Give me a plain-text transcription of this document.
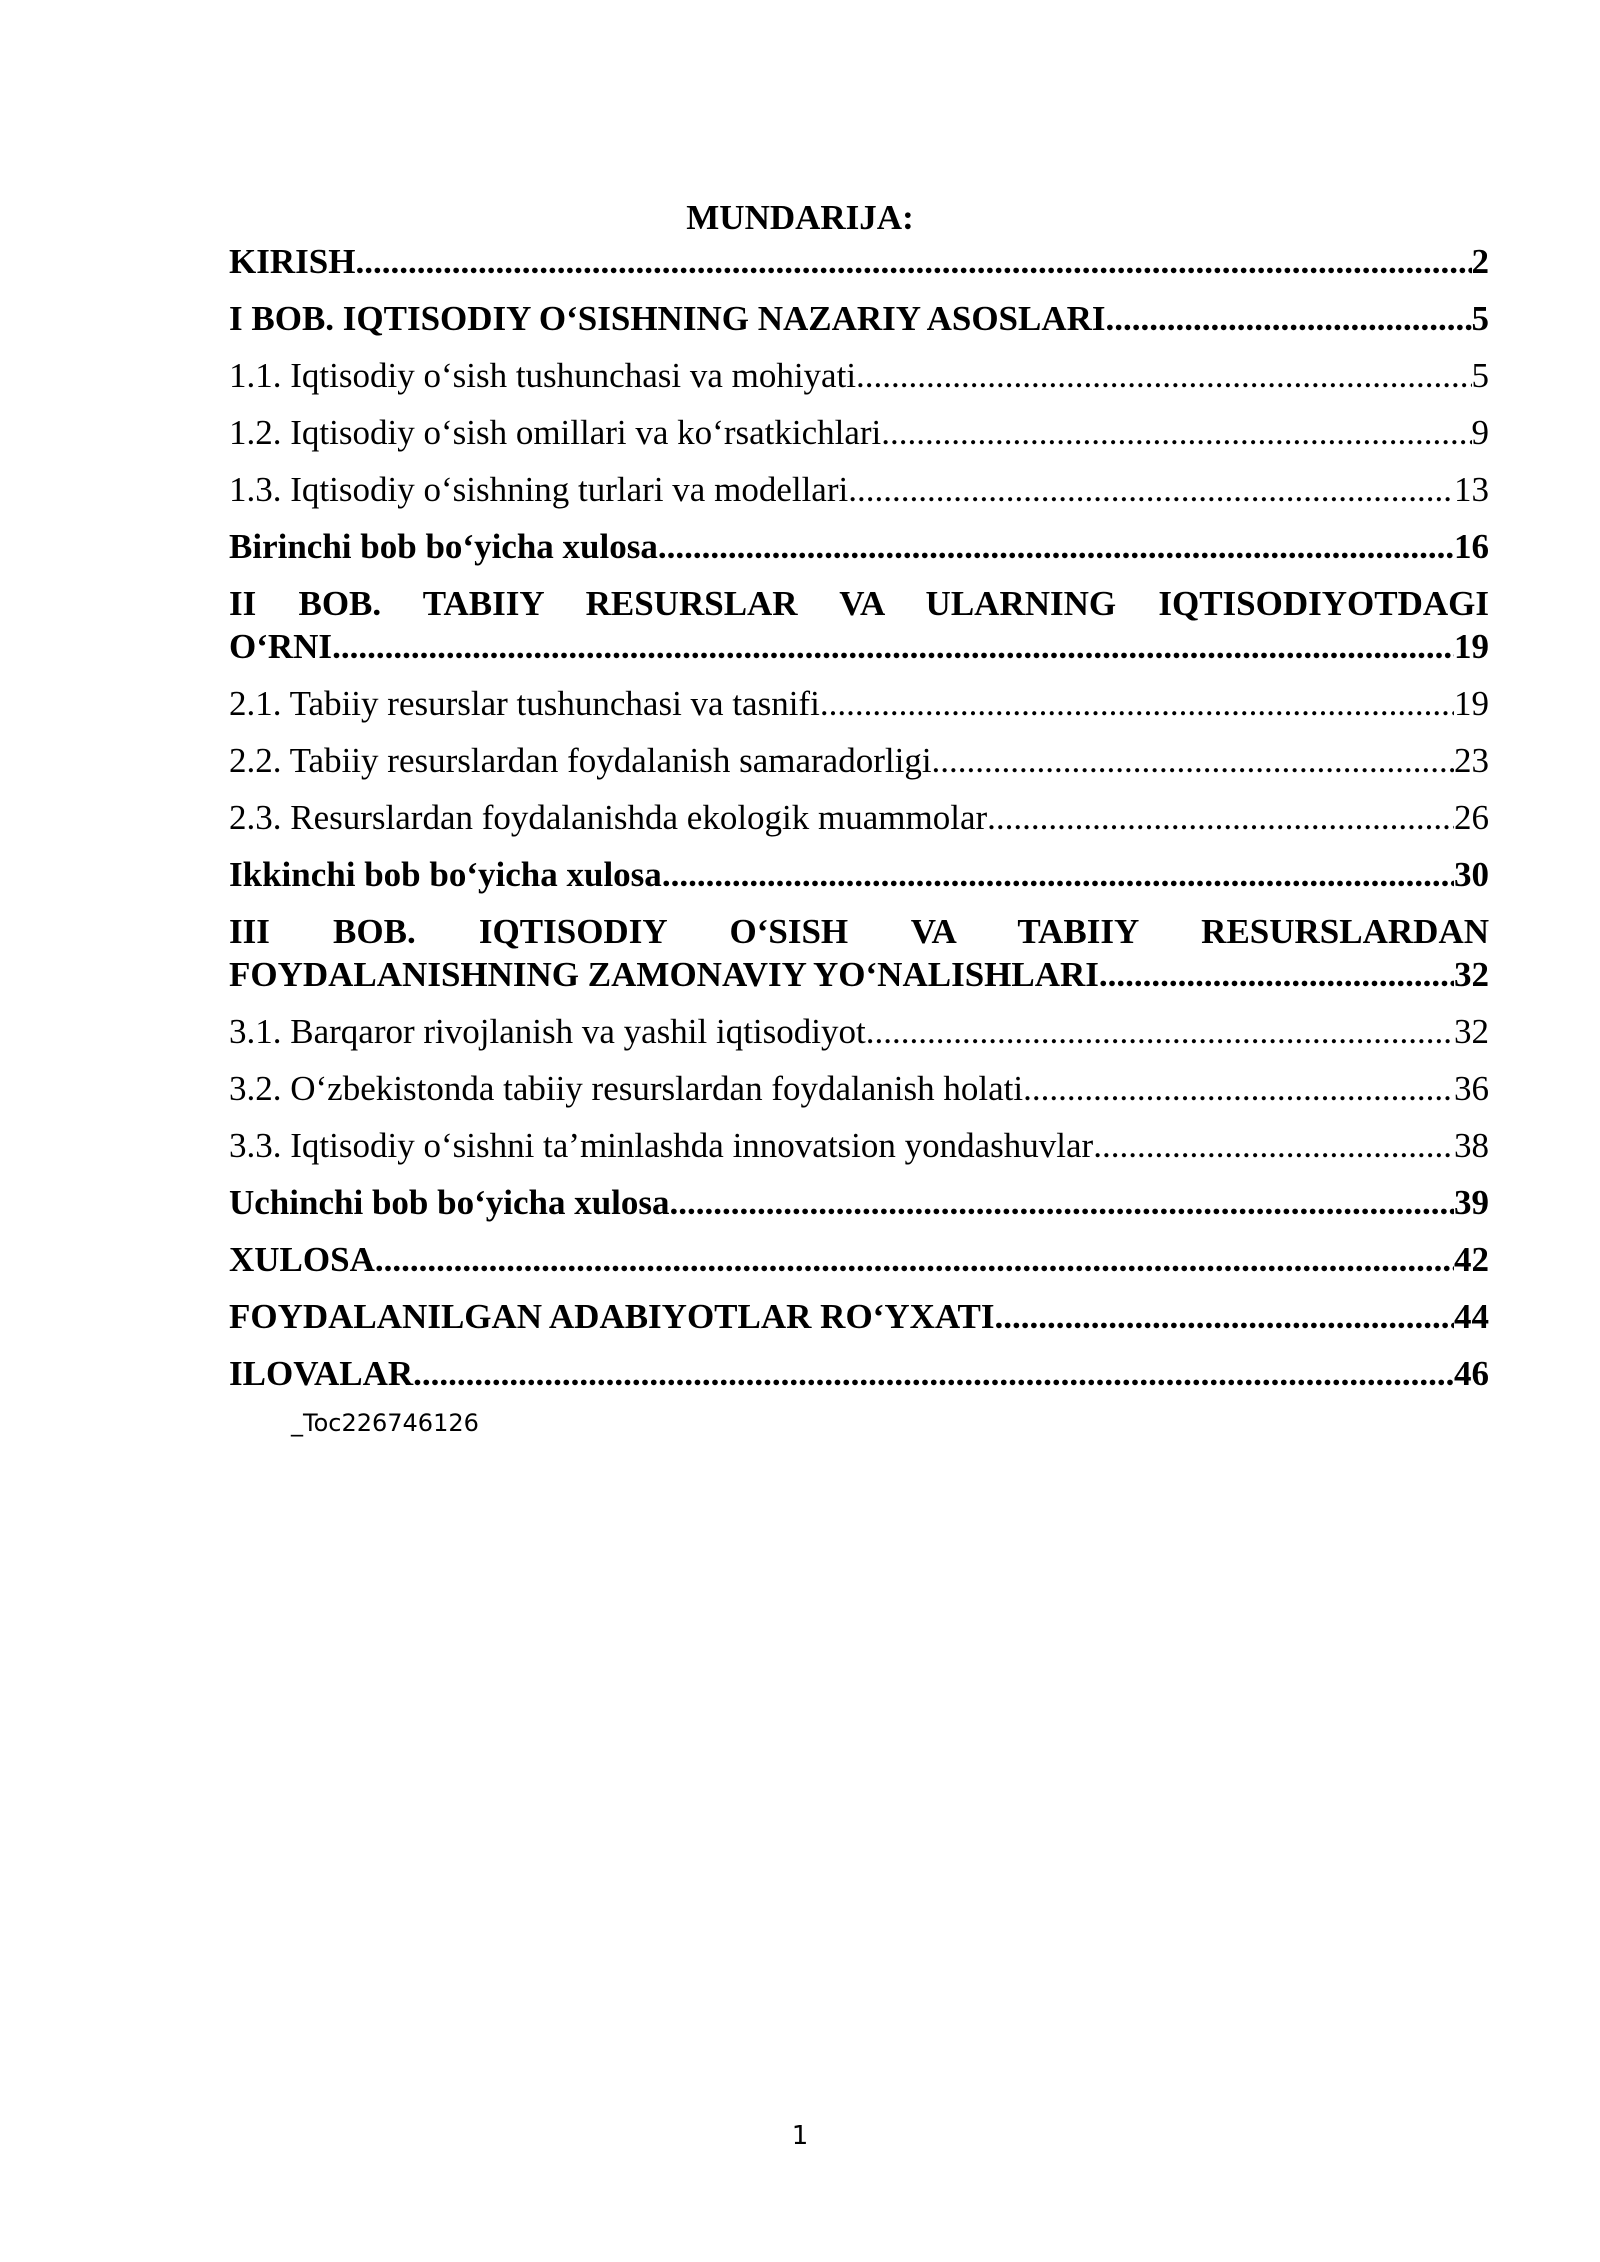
MUNDARIJA:
KIRISH .....	2
I BOB. IQTISODIY O‘SISHNING NAZARIY ASOSLARI .....	5
1.1. Iqtisodiy o‘sish tushunchasi va mohiyati .....	5
1.2. Iqtisodiy o‘sish omillari va ko‘rsatkichlari .....	9
1.3. Iqtisodiy o‘sishning turlari va modellari .....	13
Birinchi bob bo‘yicha xulosa .....	16
II BOB. TABIIY RESURSLAR VA ULARNING IQTISODIYOTDAGI
O‘RNI .....	19
2.1. Tabiiy resurslar tushunchasi va tasnifi .....	19
2.2. Tabiiy resurslardan foydalanish samaradorligi .....	23
2.3. Resurslardan foydalanishda ekologik muammolar .....	26
Ikkinchi bob bo‘yicha xulosa .....	30
III BOB. IQTISODIY O‘SISH VA TABIIY RESURSLARDAN
FOYDALANISHNING ZAMONAVIY YO‘NALISHLARI .....	32
3.1. Barqaror rivojlanish va yashil iqtisodiyot .....	32
3.2. O‘zbekistonda tabiiy resurslardan foydalanish holati .....	36
3.3. Iqtisodiy o‘sishni ta’minlashda innovatsion yondashuvlar .....	38
Uchinchi bob bo‘yicha xulosa .....	39
XULOSA .....	42
FOYDALANILGAN ADABIYOTLAR RO‘YXATI .....	44
ILOVALAR .....	46
_Toc226746126
1
